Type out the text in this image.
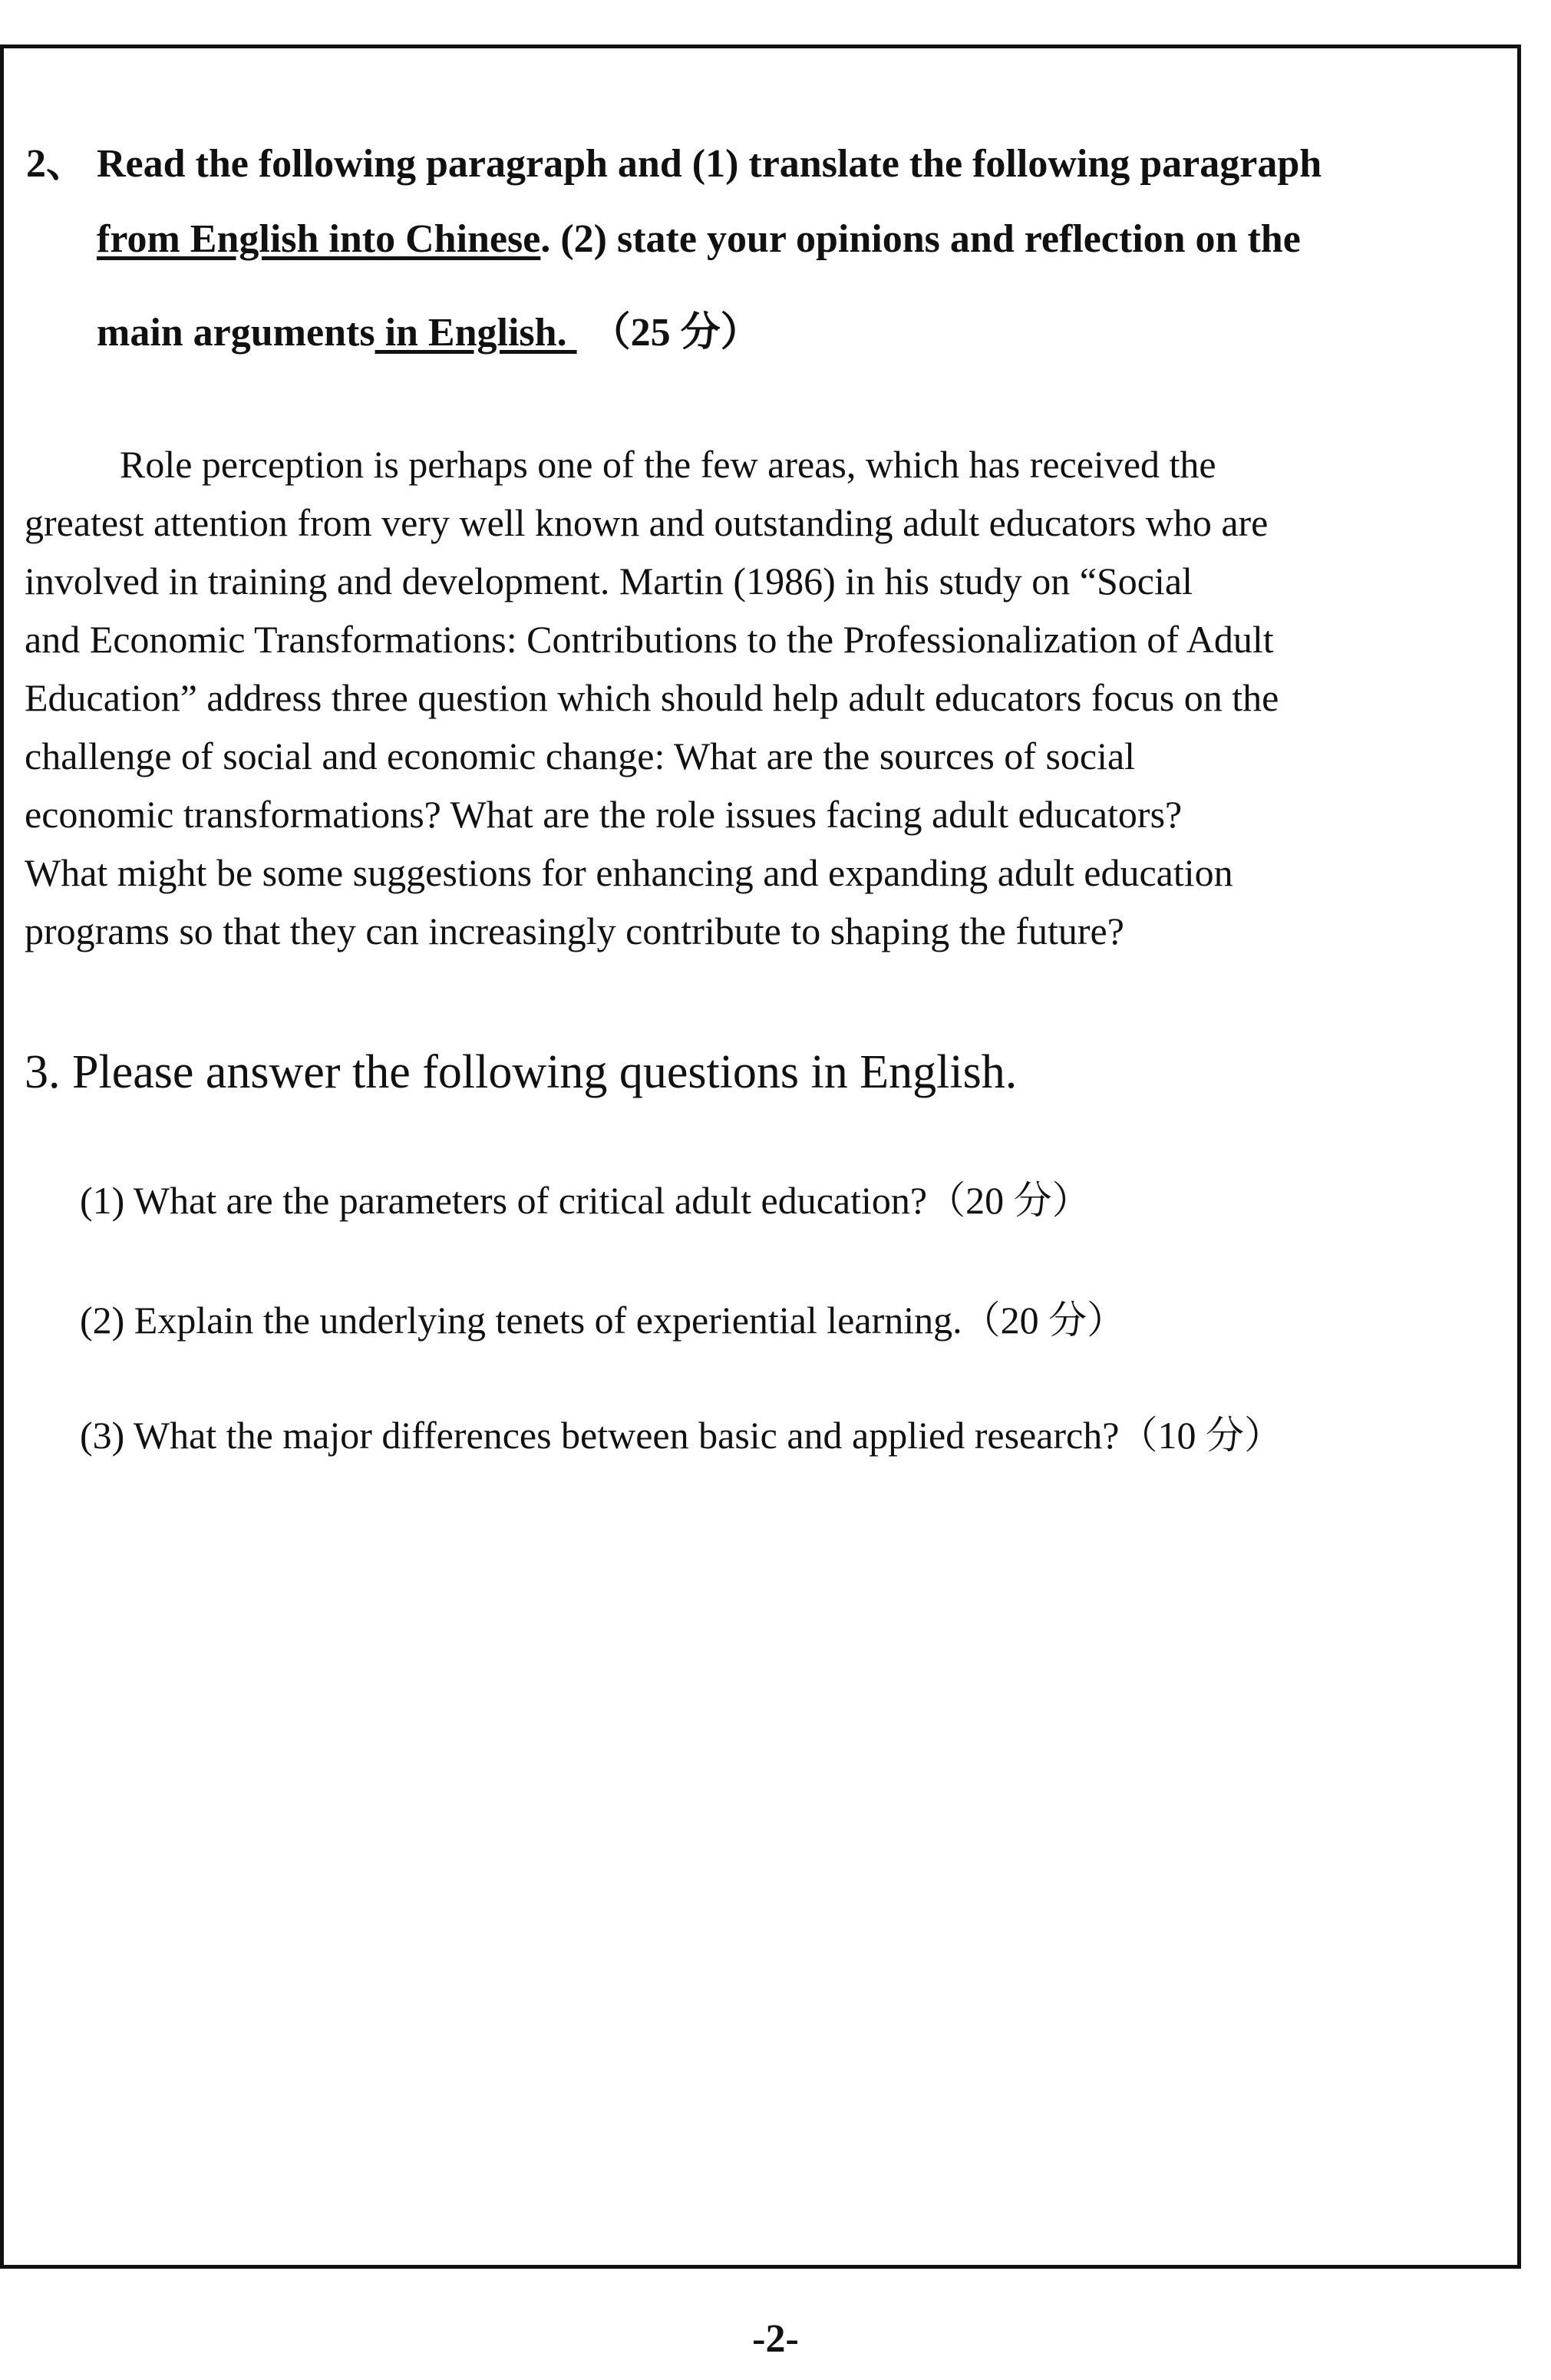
2、 Read the following paragraph and (1) translate the following paragraph
from English into Chinese. (2) state your opinions and reflection on the
main arguments in English. （25 分）
Role perception is perhaps one of the few areas, which has received the
greatest attention from very well known and outstanding adult educators who are
involved in training and development. Martin (1986) in his study on “Social
and Economic Transformations: Contributions to the Professionalization of Adult
Education” address three question which should help adult educators focus on the
challenge of social and economic change: What are the sources of social
economic transformations? What are the role issues facing adult educators?
What might be some suggestions for enhancing and expanding adult education
programs so that they can increasingly contribute to shaping the future?
3. Please answer the following questions in English.
(1) What are the parameters of critical adult education?（20 分）
(2) Explain the underlying tenets of experiential learning.（20 分）
(3) What the major differences between basic and applied research?（10 分）
-2-
